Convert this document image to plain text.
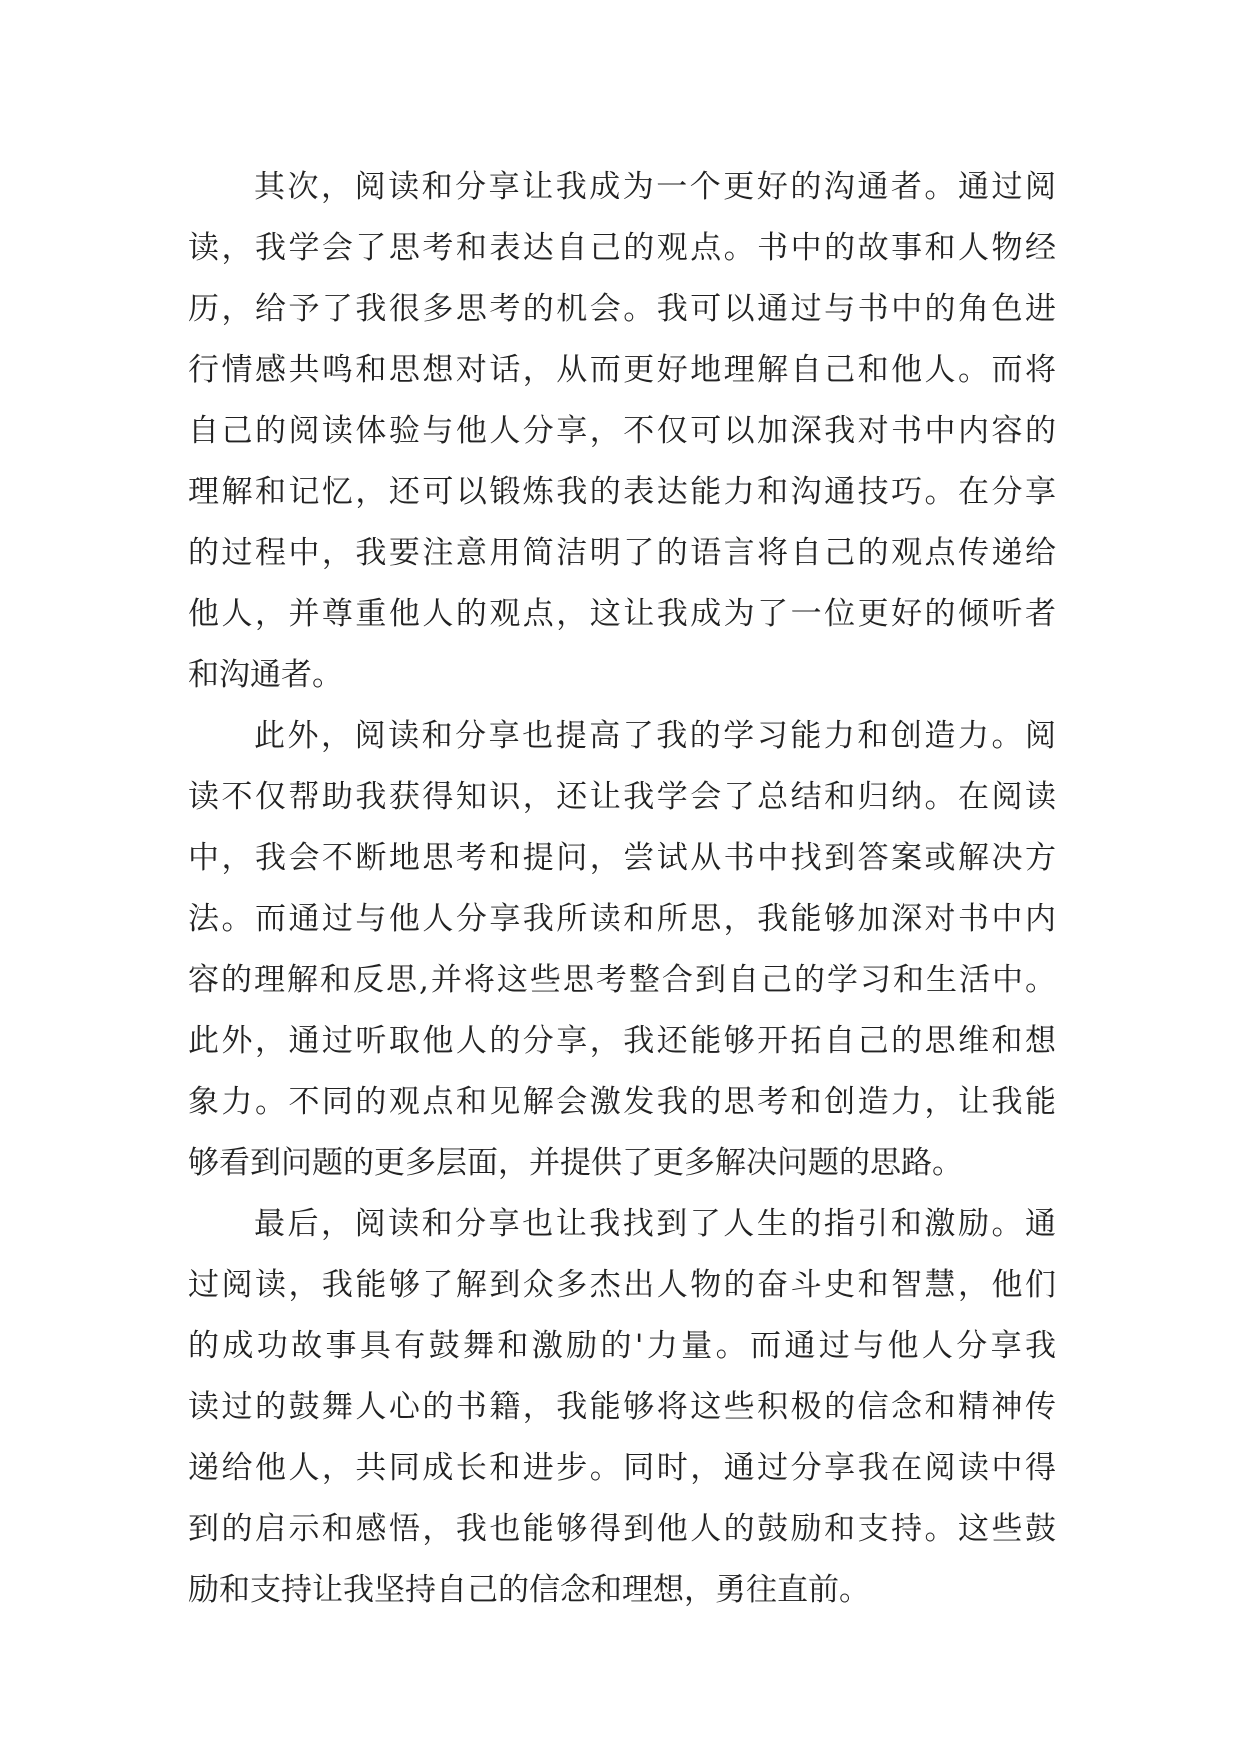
其次，阅读和分享让我成为一个更好的沟通者。通过阅
读，我学会了思考和表达自己的观点。书中的故事和人物经
历，给予了我很多思考的机会。我可以通过与书中的角色进
行情感共鸣和思想对话，从而更好地理解自己和他人。而将
自己的阅读体验与他人分享，不仅可以加深我对书中内容的
理解和记忆，还可以锻炼我的表达能力和沟通技巧。在分享
的过程中，我要注意用简洁明了的语言将自己的观点传递给
他人，并尊重他人的观点，这让我成为了一位更好的倾听者
和沟通者。
此外，阅读和分享也提高了我的学习能力和创造力。阅
读不仅帮助我获得知识，还让我学会了总结和归纳。在阅读
中，我会不断地思考和提问，尝试从书中找到答案或解决方
法。而通过与他人分享我所读和所思，我能够加深对书中内
容的理解和反思,并将这些思考整合到自己的学习和生活中。
此外，通过听取他人的分享，我还能够开拓自己的思维和想
象力。不同的观点和见解会激发我的思考和创造力，让我能
够看到问题的更多层面，并提供了更多解决问题的思路。
最后，阅读和分享也让我找到了人生的指引和激励。通
过阅读，我能够了解到众多杰出人物的奋斗史和智慧，他们
的成功故事具有鼓舞和激励的'力量。而通过与他人分享我
读过的鼓舞人心的书籍，我能够将这些积极的信念和精神传
递给他人，共同成长和进步。同时，通过分享我在阅读中得
到的启示和感悟，我也能够得到他人的鼓励和支持。这些鼓
励和支持让我坚持自己的信念和理想，勇往直前。
